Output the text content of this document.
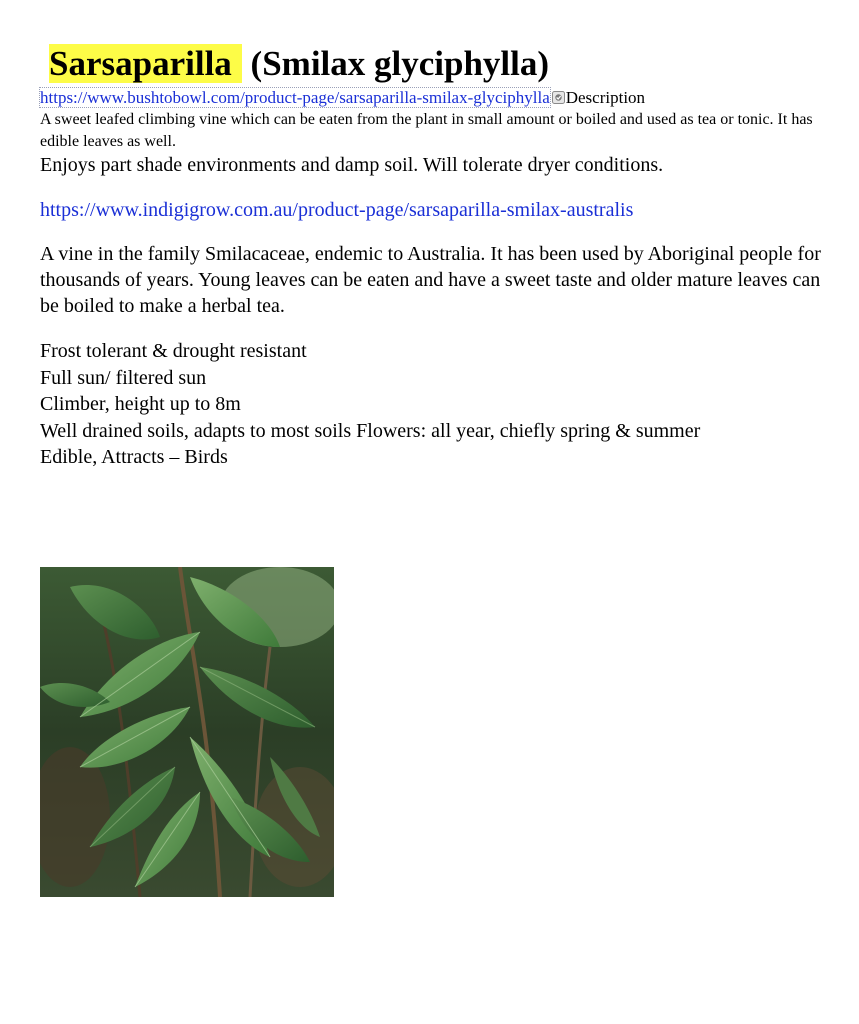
Sarsaparilla (Smilax glyciphylla)
https://www.bushtobowl.com/product-page/sarsaparilla-smilax-glyciphylla Description

A sweet leafed climbing vine which can be eaten from the plant in small amount or boiled and used as tea or tonic. It has edible leaves as well.

Enjoys part shade environments and damp soil. Will tolerate dryer conditions.

https://www.indigigrow.com.au/product-page/sarsaparilla-smilax-australis

A vine in the family Smilacaceae, endemic to Australia. It has been used by Aboriginal people for thousands of years. Young leaves can be eaten and have a sweet taste and older mature leaves can be boiled to make a herbal tea.

Frost tolerant & drought resistant
Full sun/ filtered sun
Climber, height up to 8m
Well drained soils, adapts to most soils Flowers: all year, chiefly spring & summer
Edible, Attracts – Birds
